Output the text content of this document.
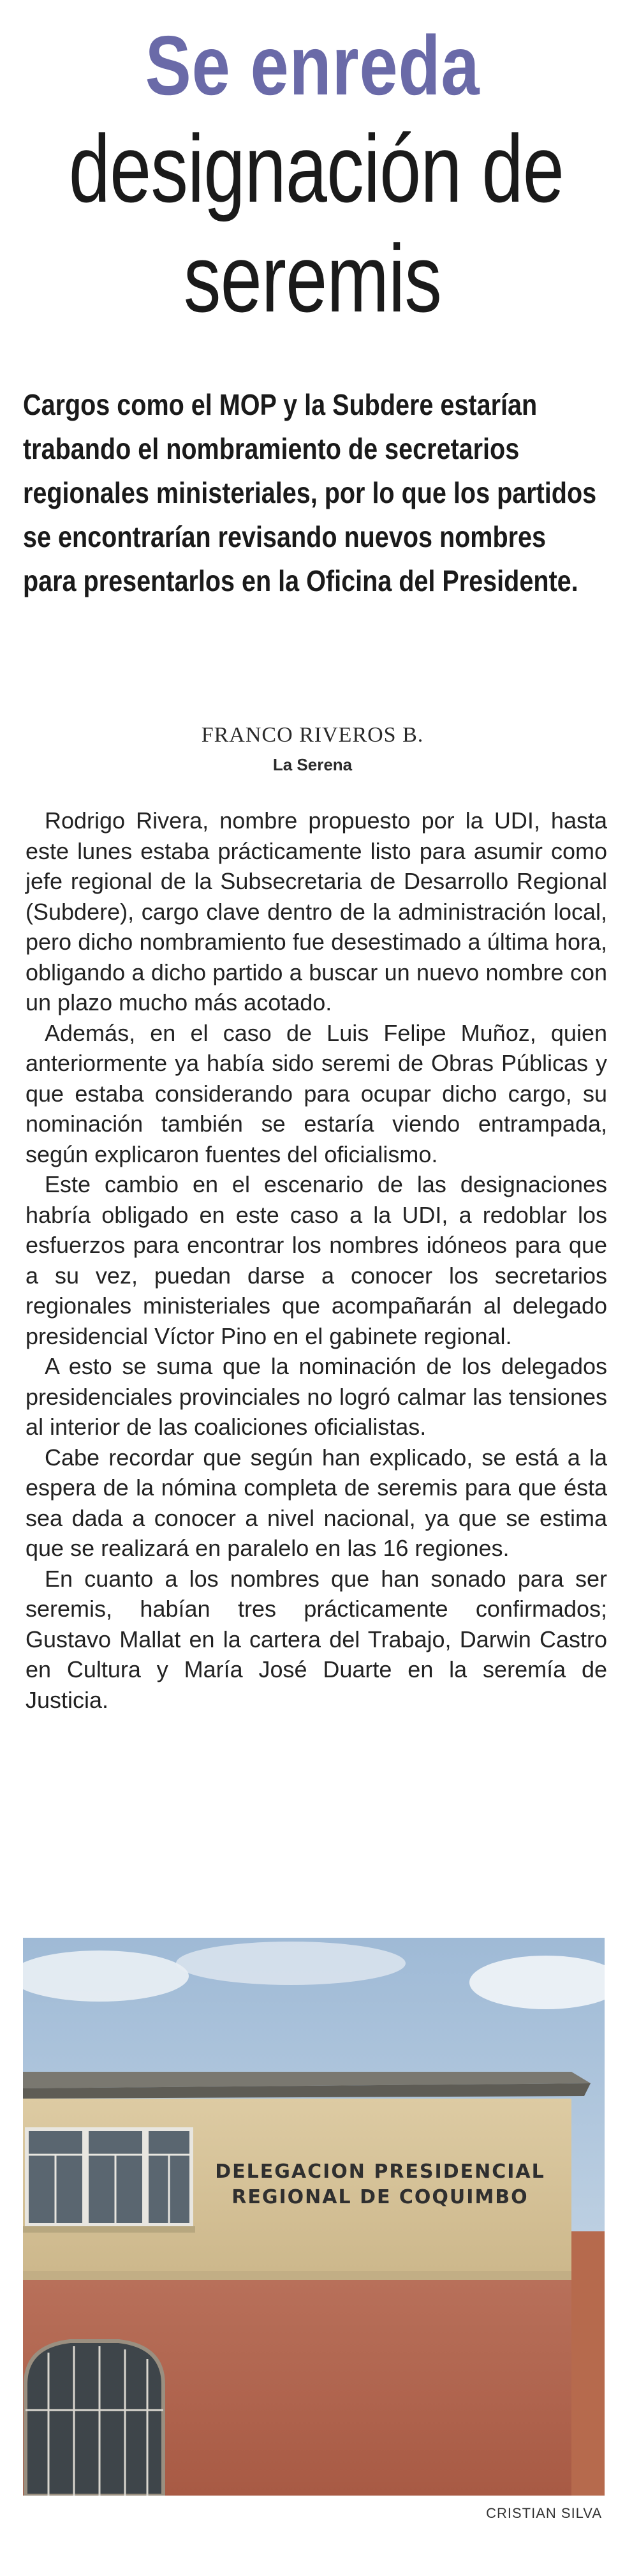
Se enreda
designación de
seremis
Cargos como el MOP y la Subdere estarían trabando el nombramiento de secretarios regionales ministeriales, por lo que los partidos se encontrarían revisando nuevos nombres para presentarlos en la Oficina del Presidente.
FRANCO RIVEROS B.
La Serena

Rodrigo Rivera, nombre propuesto por la UDI, hasta este lunes estaba prácticamente listo para asumir como jefe regional de la Subsecretaria de Desarrollo Regional (Subdere), cargo clave dentro de la administración local, pero dicho nombramiento fue desestimado a última hora, obligando a dicho partido a buscar un nuevo nombre con un plazo mucho más acotado.

Además, en el caso de Luis Felipe Muñoz, quien anteriormente ya había sido seremi de Obras Públicas y que estaba considerando para ocupar dicho cargo, su nominación también se estaría viendo entrampada, según explicaron fuentes del oficialismo.

Este cambio en el escenario de las designaciones habría obligado en este caso a la UDI, a redoblar los esfuerzos para encontrar los nombres idóneos para que a su vez, puedan darse a conocer los secretarios regionales ministeriales que acompañarán al delegado presidencial Víctor Pino en el gabinete regional.

A esto se suma que la nominación de los delegados presidenciales provinciales no logró calmar las tensiones al interior de las coaliciones oficialistas.

Cabe recordar que según han explicado, se está a la espera de la nómina completa de seremis para que ésta sea dada a conocer a nivel nacional, ya que se estima que se realizará en paralelo en las 16 regiones.

En cuanto a los nombres que han sonado para ser seremis, habían tres prácticamente confirmados; Gustavo Mallat en la cartera del Trabajo, Darwin Castro en Cultura y María José Duarte en la seremía de Justicia.

DELEGACION PRESIDENCIAL
REGIONAL DE COQUIMBO
CRISTIAN SILVA
